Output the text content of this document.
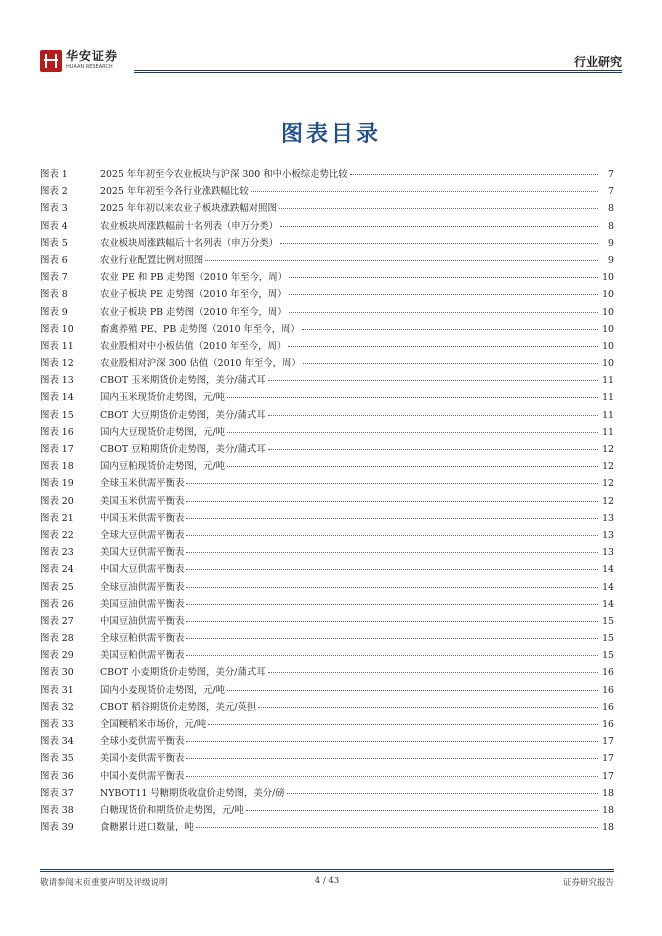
华安证券
HUAAN RESEARCH	行业研究
图表目录
图表 1	2025 年年初至今农业板块与沪深 300 和中小板综走势比较	7
图表 2	2025 年年初至今各行业涨跌幅比较	7
图表 3	2025 年年初以来农业子板块涨跌幅对照图	8
图表 4	农业板块周涨跌幅前十名列表（申万分类）	8
图表 5	农业板块周涨跌幅后十名列表（申万分类）	9
图表 6	农业行业配置比例对照图	9
图表 7	农业 PE 和 PB 走势图（2010 年至今，周）	10
图表 8	农业子板块 PE 走势图（2010 年至今，周）	10
图表 9	农业子板块 PB 走势图（2010 年至今，周）	10
图表 10	畜禽养殖 PE、PB 走势图（2010 年至今，周）	10
图表 11	农业股相对中小板估值（2010 年至今，周）	10
图表 12	农业股相对沪深 300 估值（2010 年至今，周）	10
图表 13	CBOT 玉米期货价走势图，美分/蒲式耳	11
图表 14	国内玉米现货价走势图，元/吨	11
图表 15	CBOT 大豆期货价走势图，美分/蒲式耳	11
图表 16	国内大豆现货价走势图，元/吨	11
图表 17	CBOT 豆粕期货价走势图，美分/蒲式耳	12
图表 18	国内豆粕现货价走势图，元/吨	12
图表 19	全球玉米供需平衡表	12
图表 20	美国玉米供需平衡表	12
图表 21	中国玉米供需平衡表	13
图表 22	全球大豆供需平衡表	13
图表 23	美国大豆供需平衡表	13
图表 24	中国大豆供需平衡表	14
图表 25	全球豆油供需平衡表	14
图表 26	美国豆油供需平衡表	14
图表 27	中国豆油供需平衡表	15
图表 28	全球豆粕供需平衡表	15
图表 29	美国豆粕供需平衡表	15
图表 30	CBOT 小麦期货价走势图，美分/蒲式耳	16
图表 31	国内小麦现货价走势图，元/吨	16
图表 32	CBOT 稻谷期货价走势图，美元/英担	16
图表 33	全国粳稻米市场价，元/吨	16
图表 34	全球小麦供需平衡表	17
图表 35	美国小麦供需平衡表	17
图表 36	中国小麦供需平衡表	17
图表 37	NYBOT11 号糖期货收盘价走势图，美分/磅	18
图表 38	白糖现货价和期货价走势图，元/吨	18
图表 39	食糖累计进口数量，吨	18
敬请参阅末页重要声明及评级说明	4 / 43	证券研究报告
